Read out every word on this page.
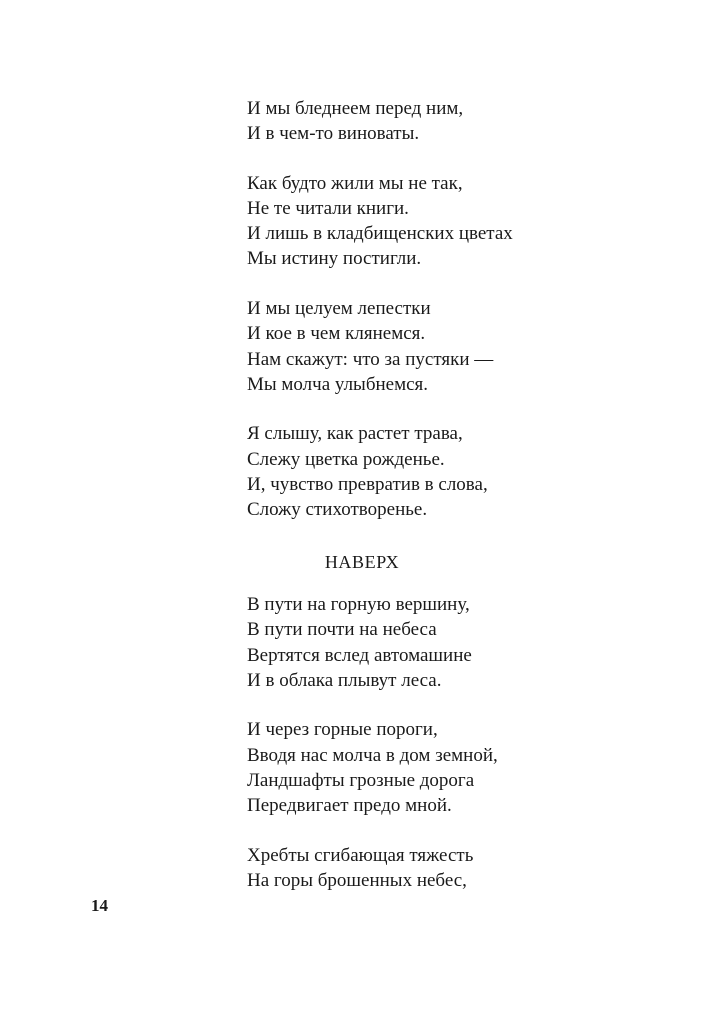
И мы бледнеем перед ним,
И в чем-то виноваты.
Как будто жили мы не так,
Не те читали книги.
И лишь в кладбищенских цветах
Мы истину постигли.
И мы целуем лепестки
И кое в чем клянемся.
Нам скажут: что за пустяки —
Мы молча улыбнемся.
Я слышу, как растет трава,
Слежу цветка рожденье.
И, чувство превратив в слова,
Сложу стихотворенье.
НАВЕРХ
В пути на горную вершину,
В пути почти на небеса
Вертятся вслед автомашине
И в облака плывут леса.
И через горные пороги,
Вводя нас молча в дом земной,
Ландшафты грозные дорога
Передвигает предо мной.
Хребты сгибающая тяжесть
На горы брошенных небес,
14
